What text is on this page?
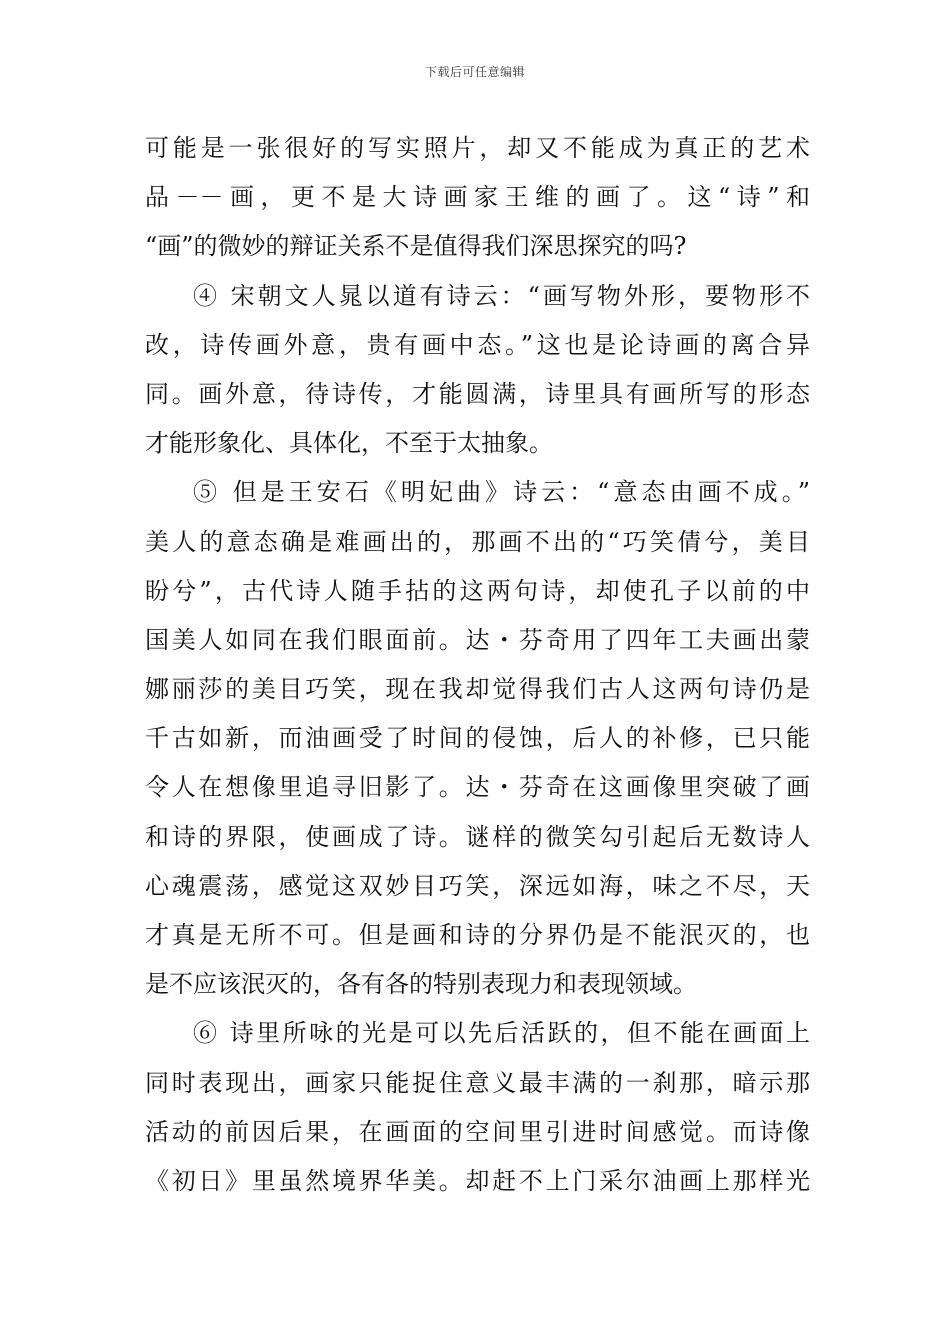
下载后可任意编辑
可能是一张很好的写实照片，却又不能成为真正的艺术
品－－画，更不是大诗画家王维的画了。这“诗”和
“画”的微妙的辩证关系不是值得我们深思探究的吗?
④ 宋朝文人晁以道有诗云：“画写物外形，要物形不
改，诗传画外意，贵有画中态。”这也是论诗画的离合异
同。画外意，待诗传，才能圆满，诗里具有画所写的形态
才能形象化、具体化，不至于太抽象。
⑤ 但是王安石《明妃曲》诗云：“意态由画不成。”
美人的意态确是难画出的，那画不出的“巧笑倩兮，美目
盼兮”，古代诗人随手拈的这两句诗，却使孔子以前的中
国美人如同在我们眼面前。达・芬奇用了四年工夫画出蒙
娜丽莎的美目巧笑，现在我却觉得我们古人这两句诗仍是
千古如新，而油画受了时间的侵蚀，后人的补修，已只能
令人在想像里追寻旧影了。达・芬奇在这画像里突破了画
和诗的界限，使画成了诗。谜样的微笑勾引起后无数诗人
心魂震荡，感觉这双妙目巧笑，深远如海，味之不尽，天
才真是无所不可。但是画和诗的分界仍是不能泯灭的，也
是不应该泯灭的，各有各的特别表现力和表现领域。
⑥ 诗里所咏的光是可以先后活跃的，但不能在画面上
同时表现出，画家只能捉住意义最丰满的一刹那，暗示那
活动的前因后果，在画面的空间里引进时间感觉。而诗像
《初日》里虽然境界华美。却赶不上门采尔油画上那样光
